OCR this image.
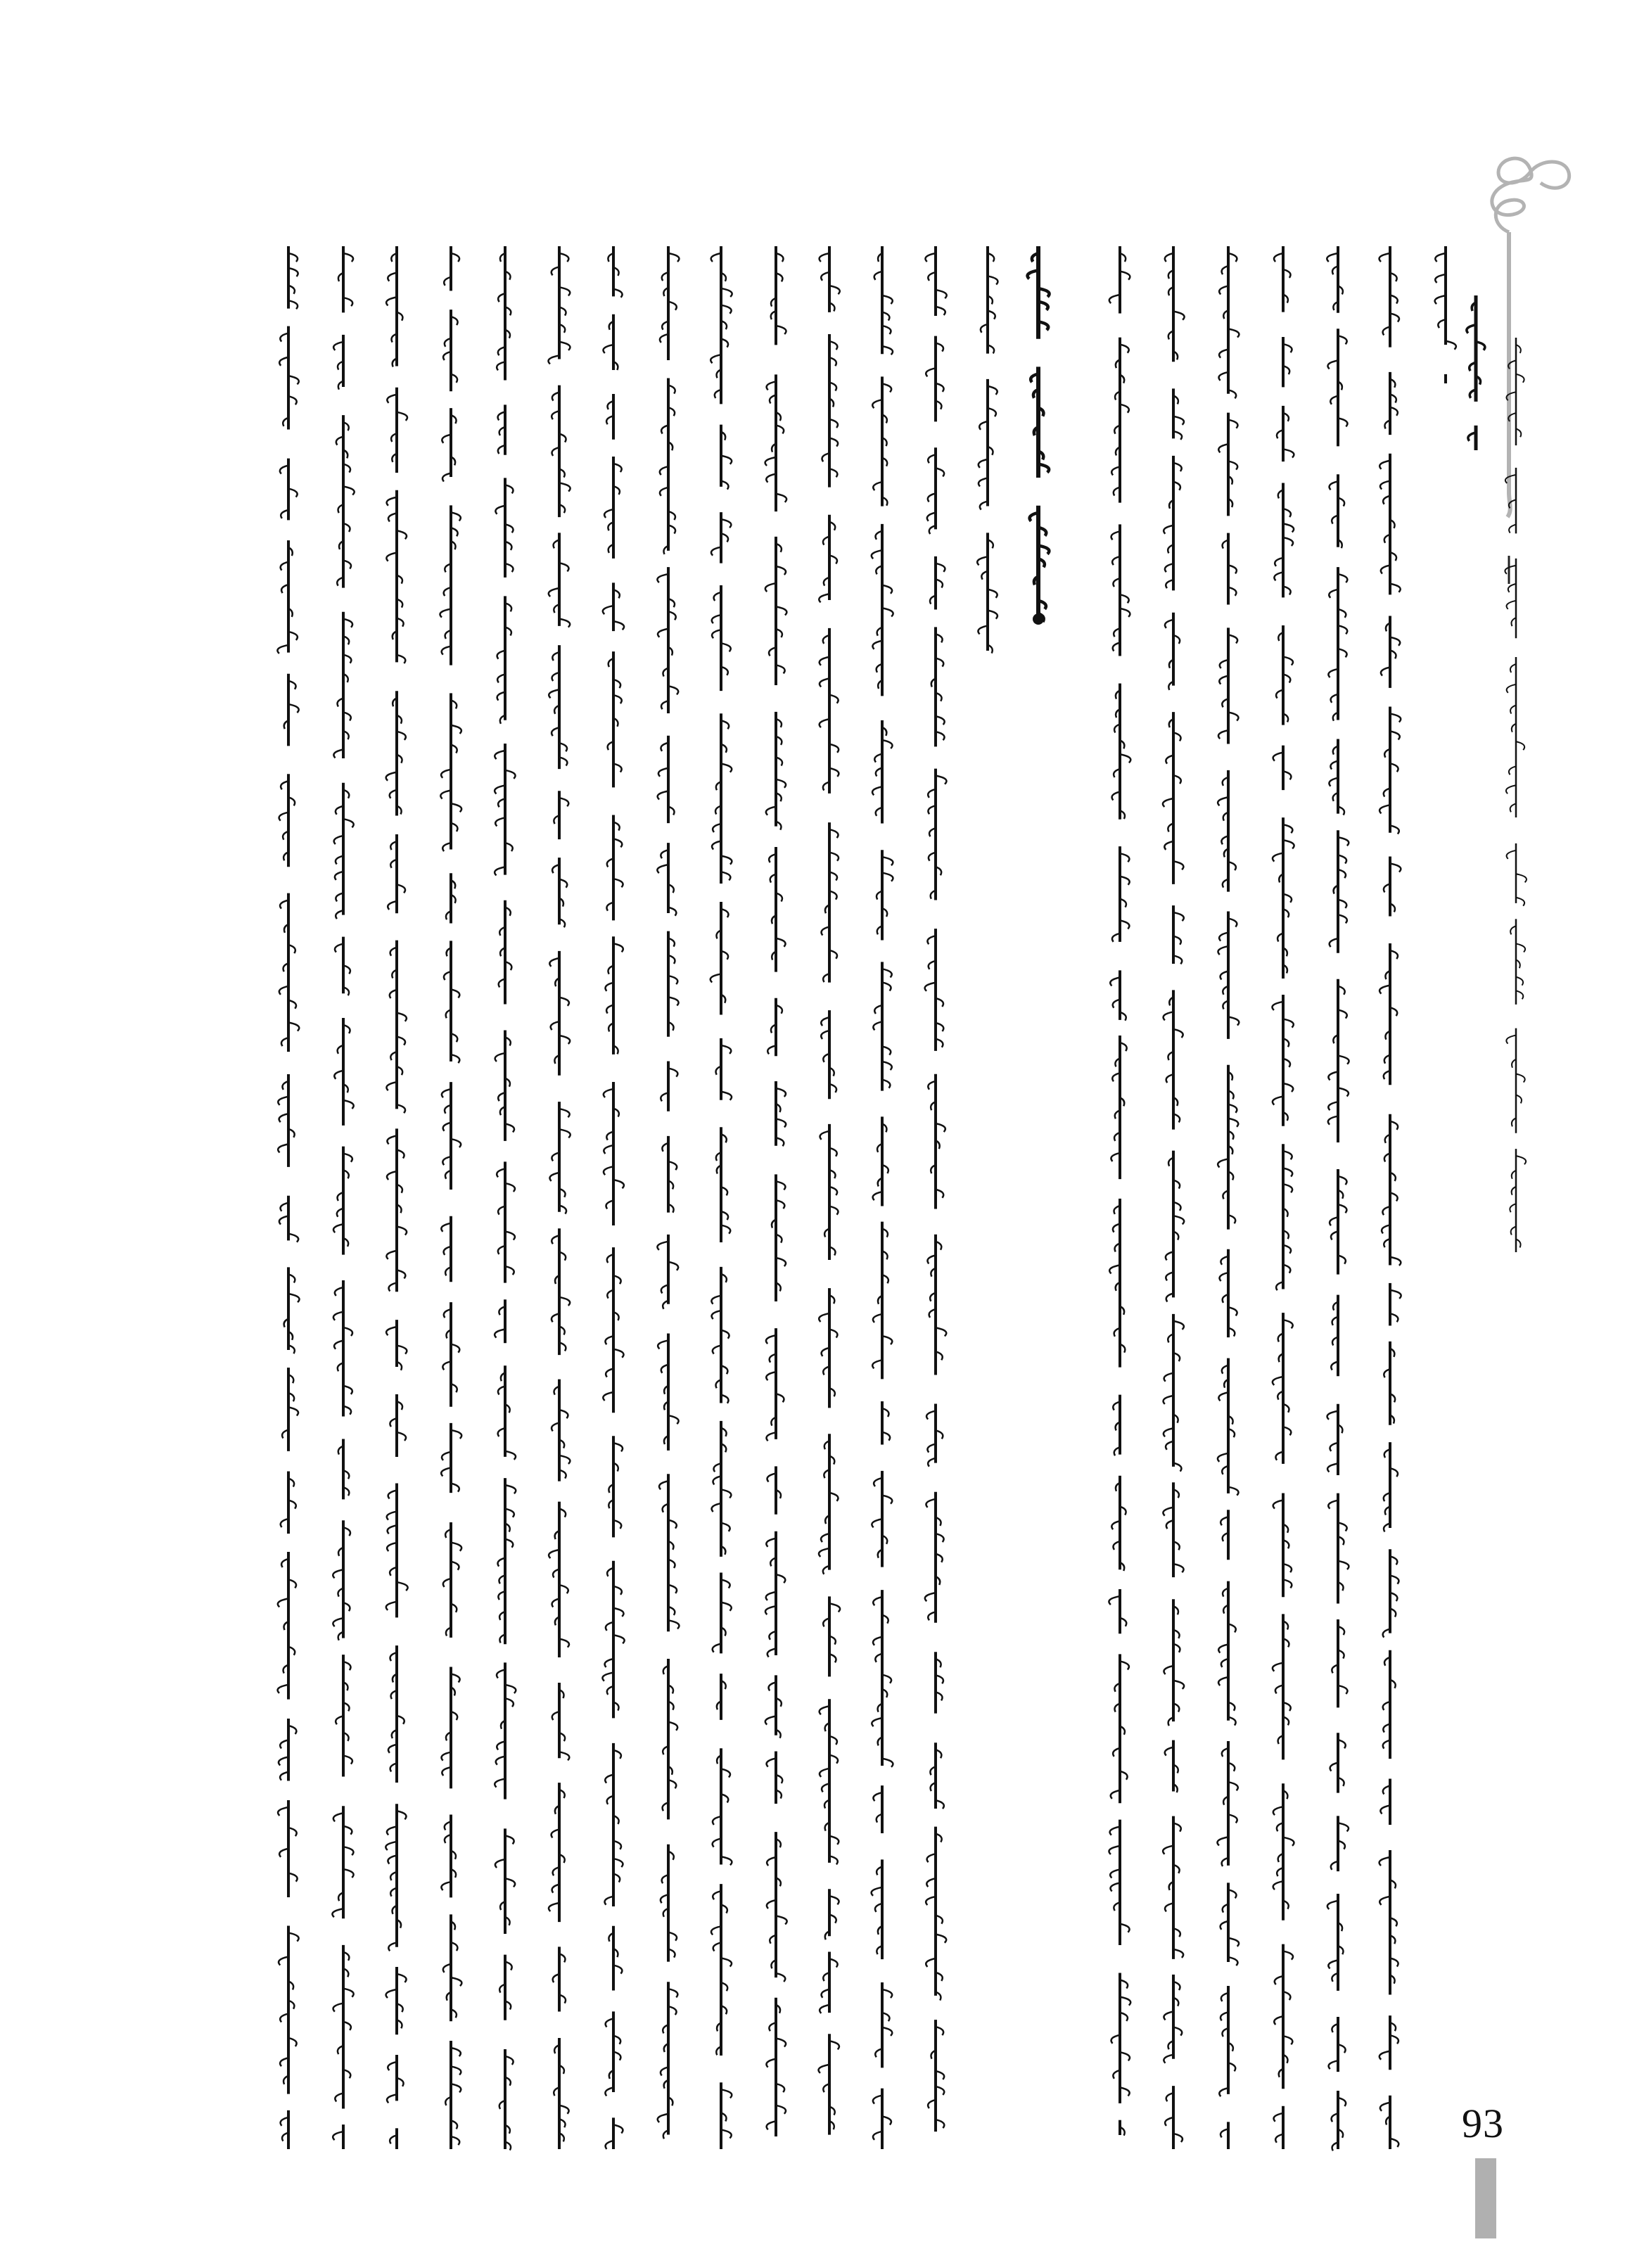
93
